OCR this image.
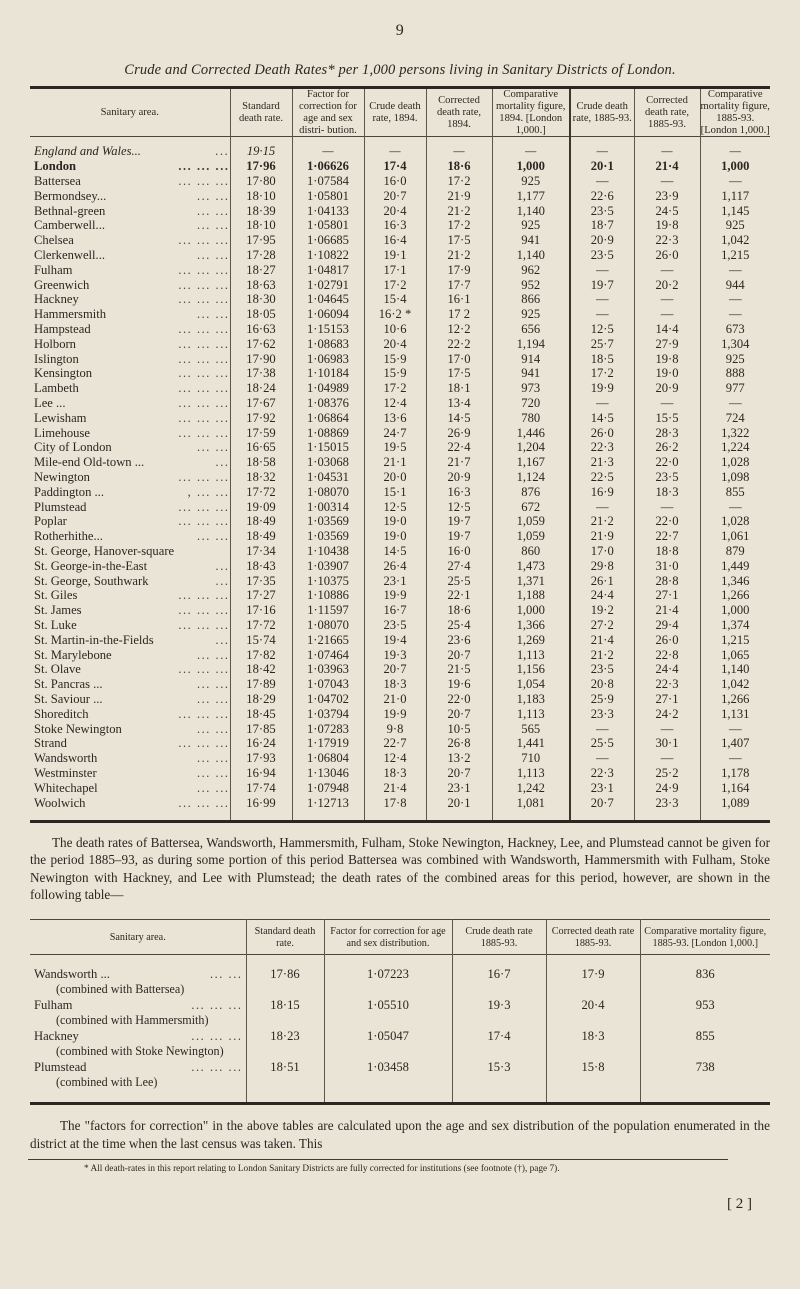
9
Crude and Corrected Death Rates* per 1,000 persons living in Sanitary Districts of London.
Sanitary area.	Standard death rate.	Factor for correction for age and sex distri- bution.	Crude death rate, 1894.	Corrected death rate, 1894.	Comparative mortality figure, 1894. [London 1,000.]	Crude death rate, 1885-93.	Corrected death rate, 1885-93.	Comparative mortality figure, 1885-93. [London 1,000.]

England and Wales... ...	19·15	—	—	—	—	—	—	—

London ... ... ...	17·96	1·06626	17·4	18·6	1,000	20·1	21·4	1,000

Battersea ... ... ...	17·80	1·07584	16·0	17·2	925	—	—	—

Bermondsey... ... ...	18·10	1·05801	20·7	21·9	1,177	22·6	23·9	1,117

Bethnal-green ... ...	18·39	1·04133	20·4	21·2	1,140	23·5	24·5	1,145

Camberwell... ... ...	18·10	1·05801	16·3	17·2	925	18·7	19·8	925

Chelsea ... ... ...	17·95	1·06685	16·4	17·5	941	20·9	22·3	1,042

Clerkenwell... ... ...	17·28	1·10822	19·1	21·2	1,140	23·5	26·0	1,215

Fulham ... ... ...	18·27	1·04817	17·1	17·9	962	—	—	—

Greenwich ... ... ...	18·63	1·02791	17·2	17·7	952	19·7	20·2	944

Hackney ... ... ...	18·30	1·04645	15·4	16·1	866	—	—	—

Hammersmith ... ...	18·05	1·06094	16·2 *	17 2	925	—	—	—

Hampstead ... ... ...	16·63	1·15153	10·6	12·2	656	12·5	14·4	673

Holborn ... ... ...	17·62	1·08683	20·4	22·2	1,194	25·7	27·9	1,304

Islington ... ... ...	17·90	1·06983	15·9	17·0	914	18·5	19·8	925

Kensington ... ... ...	17·38	1·10184	15·9	17·5	941	17·2	19·0	888

Lambeth ... ... ...	18·24	1·04989	17·2	18·1	973	19·9	20·9	977

Lee ... ... ... ...	17·67	1·08376	12·4	13·4	720	—	—	—

Lewisham ... ... ...	17·92	1·06864	13·6	14·5	780	14·5	15·5	724

Limehouse ... ... ...	17·59	1·08869	24·7	26·9	1,446	26·0	28·3	1,322

City of London ... ...	16·65	1·15015	19·5	22·4	1,204	22·3	26·2	1,224

Mile-end Old-town ... ...	18·58	1·03068	21·1	21·7	1,167	21·3	22·0	1,028

Newington ... ... ...	18·32	1·04531	20·0	20·9	1,124	22·5	23·5	1,098

Paddington ... , ... ...	17·72	1·08070	15·1	16·3	876	16·9	18·3	855

Plumstead ... ... ...	19·09	1·00314	12·5	12·5	672	—	—	—

Poplar ... ... ...	18·49	1·03569	19·0	19·7	1,059	21·2	22·0	1,028

Rotherhithe... ... ...	18·49	1·03569	19·0	19·7	1,059	21·9	22·7	1,061

St. George, Hanover-square	17·34	1·10438	14·5	16·0	860	17·0	18·8	879

St. George-in-the-East ...	18·43	1·03907	26·4	27·4	1,473	29·8	31·0	1,449

St. George, Southwark ...	17·35	1·10375	23·1	25·5	1,371	26·1	28·8	1,346

St. Giles ... ... ...	17·27	1·10886	19·9	22·1	1,188	24·4	27·1	1,266

St. James ... ... ...	17·16	1·11597	16·7	18·6	1,000	19·2	21·4	1,000

St. Luke ... ... ...	17·72	1·08070	23·5	25·4	1,366	27·2	29·4	1,374

St. Martin-in-the-Fields ...	15·74	1·21665	19·4	23·6	1,269	21·4	26·0	1,215

St. Marylebone ... ...	17·82	1·07464	19·3	20·7	1,113	21·2	22·8	1,065

St. Olave ... ... ...	18·42	1·03963	20·7	21·5	1,156	23·5	24·4	1,140

St. Pancras ... ... ...	17·89	1·07043	18·3	19·6	1,054	20·8	22·3	1,042

St. Saviour ... ... ...	18·29	1·04702	21·0	22·0	1,183	25·9	27·1	1,266

Shoreditch ... ... ...	18·45	1·03794	19·9	20·7	1,113	23·3	24·2	1,131

Stoke Newington ... ...	17·85	1·07283	9·8	10·5	565	—	—	—

Strand ... ... ...	16·24	1·17919	22·7	26·8	1,441	25·5	30·1	1,407

Wandsworth ... ...	17·93	1·06804	12·4	13·2	710	—	—	—

Westminster ... ...	16·94	1·13046	18·3	20·7	1,113	22·3	25·2	1,178

Whitechapel ... ...	17·74	1·07948	21·4	23·1	1,242	23·1	24·9	1,164

Woolwich ... ... ...	16·99	1·12713	17·8	20·1	1,081	20·7	23·3	1,089

The death rates of Battersea, Wandsworth, Hammersmith, Fulham, Stoke Newington, Hackney, Lee, and Plumstead cannot be given for the period 1885–93, as during some portion of this period Battersea was combined with Wandsworth, Hammersmith with Fulham, Stoke Newington with Hackney, and Lee with Plumstead; the death rates of the combined areas for this period, however, are shown in the following table—
Sanitary area.	Standard death rate.	Factor for correction for age and sex distribution.	Crude death rate 1885-93.	Corrected death rate 1885-93.	Comparative mortality figure, 1885-93. [London 1,000.]

Wandsworth ... ... ...
(combined with Battersea)	17·86	1·07223	16·7	17·9	836

Fulham ... ... ...
(combined with Hammersmith)	18·15	1·05510	19·3	20·4	953

Hackney ... ... ...
(combined with Stoke Newington)	18·23	1·05047	17·4	18·3	855

Plumstead ... ... ...
(combined with Lee)	18·51	1·03458	15·3	15·8	738

The "factors for correction" in the above tables are calculated upon the age and sex distribution of the population enumerated in the district at the time when the last census was taken. This
* All death-rates in this report relating to London Sanitary Districts are fully corrected for institutions (see footnote (†), page 7).
[ 2 ]
